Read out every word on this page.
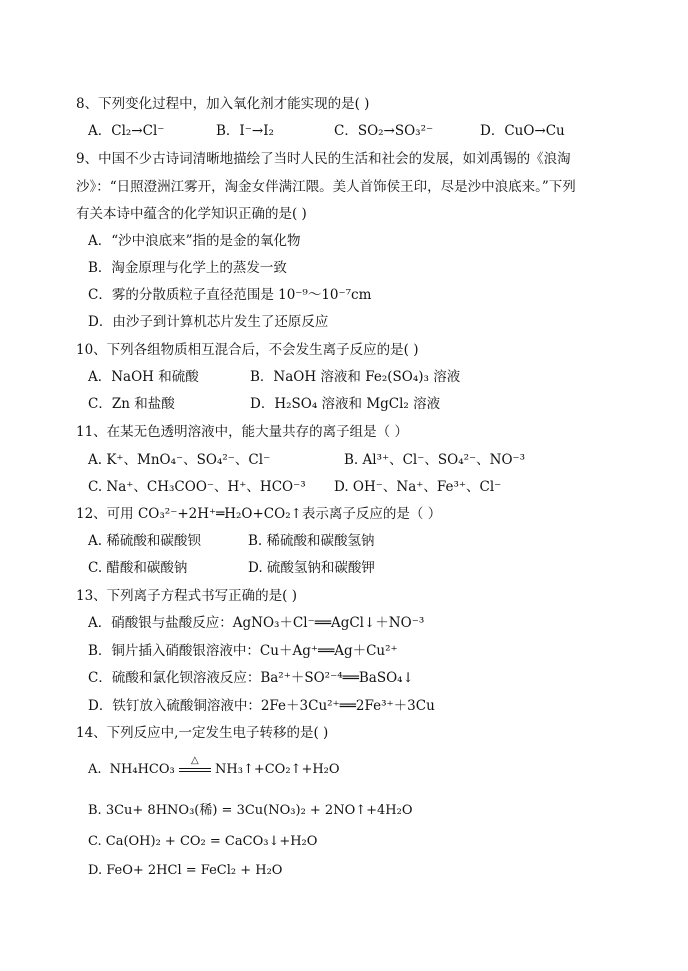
8、下列变化过程中，加入氧化剂才能实现的是( )
A．Cl₂→Cl⁻	B．I⁻→I₂	C．SO₂→SO₃²⁻	D．CuO→Cu
9、中国不少古诗词清晰地描绘了当时人民的生活和社会的发展，如刘禹锡的《浪淘
沙》：“日照澄洲江雾开，淘金女伴满江隈。美人首饰侯王印，尽是沙中浪底来。”下列
有关本诗中蕴含的化学知识正确的是( )
A．“沙中浪底来”指的是金的氧化物
B．淘金原理与化学上的蒸发一致
C．雾的分散质粒子直径范围是 10⁻⁹～10⁻⁷cm
D．由沙子到计算机芯片发生了还原反应
10、下列各组物质相互混合后，不会发生离子反应的是( )
A．NaOH 和硫酸	B．NaOH 溶液和 Fe₂(SO₄)₃ 溶液
C．Zn 和盐酸	D．H₂SO₄ 溶液和 MgCl₂ 溶液
11、在某无色透明溶液中，能大量共存的离子组是（ ）
A. K⁺、MnO₄⁻、SO₄²⁻、Cl⁻	B. Al³⁺、Cl⁻、SO₄²⁻、NO⁻³
C. Na⁺、CH₃COO⁻、H⁺、HCO⁻³ D. OH⁻、Na⁺、Fe³⁺、Cl⁻
12、可用 CO₃²⁻+2H⁺═H₂O+CO₂↑表示离子反应的是（ ）
A. 稀硫酸和碳酸钡	B. 稀硫酸和碳酸氢钠
C. 醋酸和碳酸钠	D. 硫酸氢钠和碳酸钾
13、下列离子方程式书写正确的是( )
A．硝酸银与盐酸反应：AgNO₃＋Cl⁻══AgCl↓＋NO⁻³
B．铜片插入硝酸银溶液中：Cu＋Ag⁺══Ag＋Cu²⁺
C．硫酸和氯化钡溶液反应：Ba²⁺＋SO²⁻⁴══BaSO₄↓
D．铁钉放入硫酸铜溶液中：2Fe＋3Cu²⁺══2Fe³⁺＋3Cu
14、下列反应中,一定发生电子转移的是( )
A. NH₄HCO₃
△
NH₃↑+CO₂↑+H₂O
B. 3Cu+ 8HNO₃(稀) = 3Cu(NO₃)₂ + 2NO↑+4H₂O
C. Ca(OH)₂ + CO₂ = CaCO₃↓+H₂O
D. FeO+ 2HCl = FeCl₂ + H₂O
